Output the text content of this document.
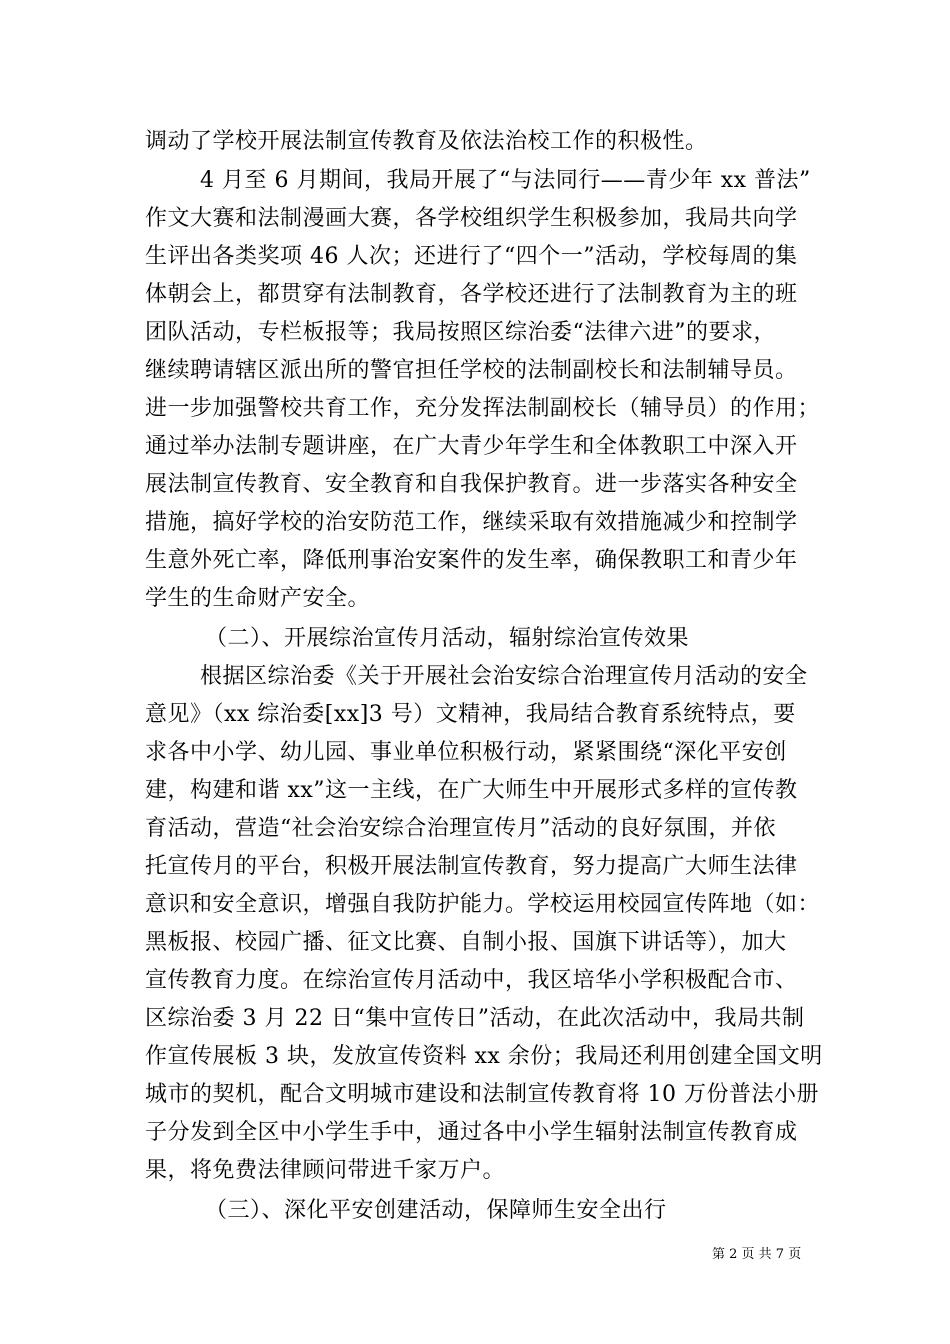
调动了学校开展法制宣传教育及依法治校工作的积极性。
4 月至 6 月期间，我局开展了“与法同行——青少年 xx 普法”
作文大赛和法制漫画大赛，各学校组织学生积极参加，我局共向学
生评出各类奖项 46 人次；还进行了“四个一”活动，学校每周的集
体朝会上，都贯穿有法制教育，各学校还进行了法制教育为主的班
团队活动，专栏板报等；我局按照区综治委“法律六进”的要求，
继续聘请辖区派出所的警官担任学校的法制副校长和法制辅导员。
进一步加强警校共育工作，充分发挥法制副校长（辅导员）的作用；
通过举办法制专题讲座，在广大青少年学生和全体教职工中深入开
展法制宣传教育、安全教育和自我保护教育。进一步落实各种安全
措施，搞好学校的治安防范工作，继续采取有效措施减少和控制学
生意外死亡率，降低刑事治安案件的发生率，确保教职工和青少年
学生的生命财产安全。
（二）、开展综治宣传月活动，辐射综治宣传效果
根据区综治委《关于开展社会治安综合治理宣传月活动的安全
意见》（xx 综治委[xx]3 号）文精神，我局结合教育系统特点，要
求各中小学、幼儿园、事业单位积极行动，紧紧围绕“深化平安创
建，构建和谐 xx”这一主线，在广大师生中开展形式多样的宣传教
育活动，营造“社会治安综合治理宣传月”活动的良好氛围，并依
托宣传月的平台，积极开展法制宣传教育，努力提高广大师生法律
意识和安全意识，增强自我防护能力。学校运用校园宣传阵地（如：
黑板报、校园广播、征文比赛、自制小报、国旗下讲话等），加大
宣传教育力度。在综治宣传月活动中，我区培华小学积极配合市、
区综治委 3 月 22 日“集中宣传日”活动，在此次活动中，我局共制
作宣传展板 3 块，发放宣传资料 xx 余份；我局还利用创建全国文明
城市的契机，配合文明城市建设和法制宣传教育将 10 万份普法小册
子分发到全区中小学生手中，通过各中小学生辐射法制宣传教育成
果，将免费法律顾问带进千家万户。
（三）、深化平安创建活动，保障师生安全出行
第 2 页 共 7 页
